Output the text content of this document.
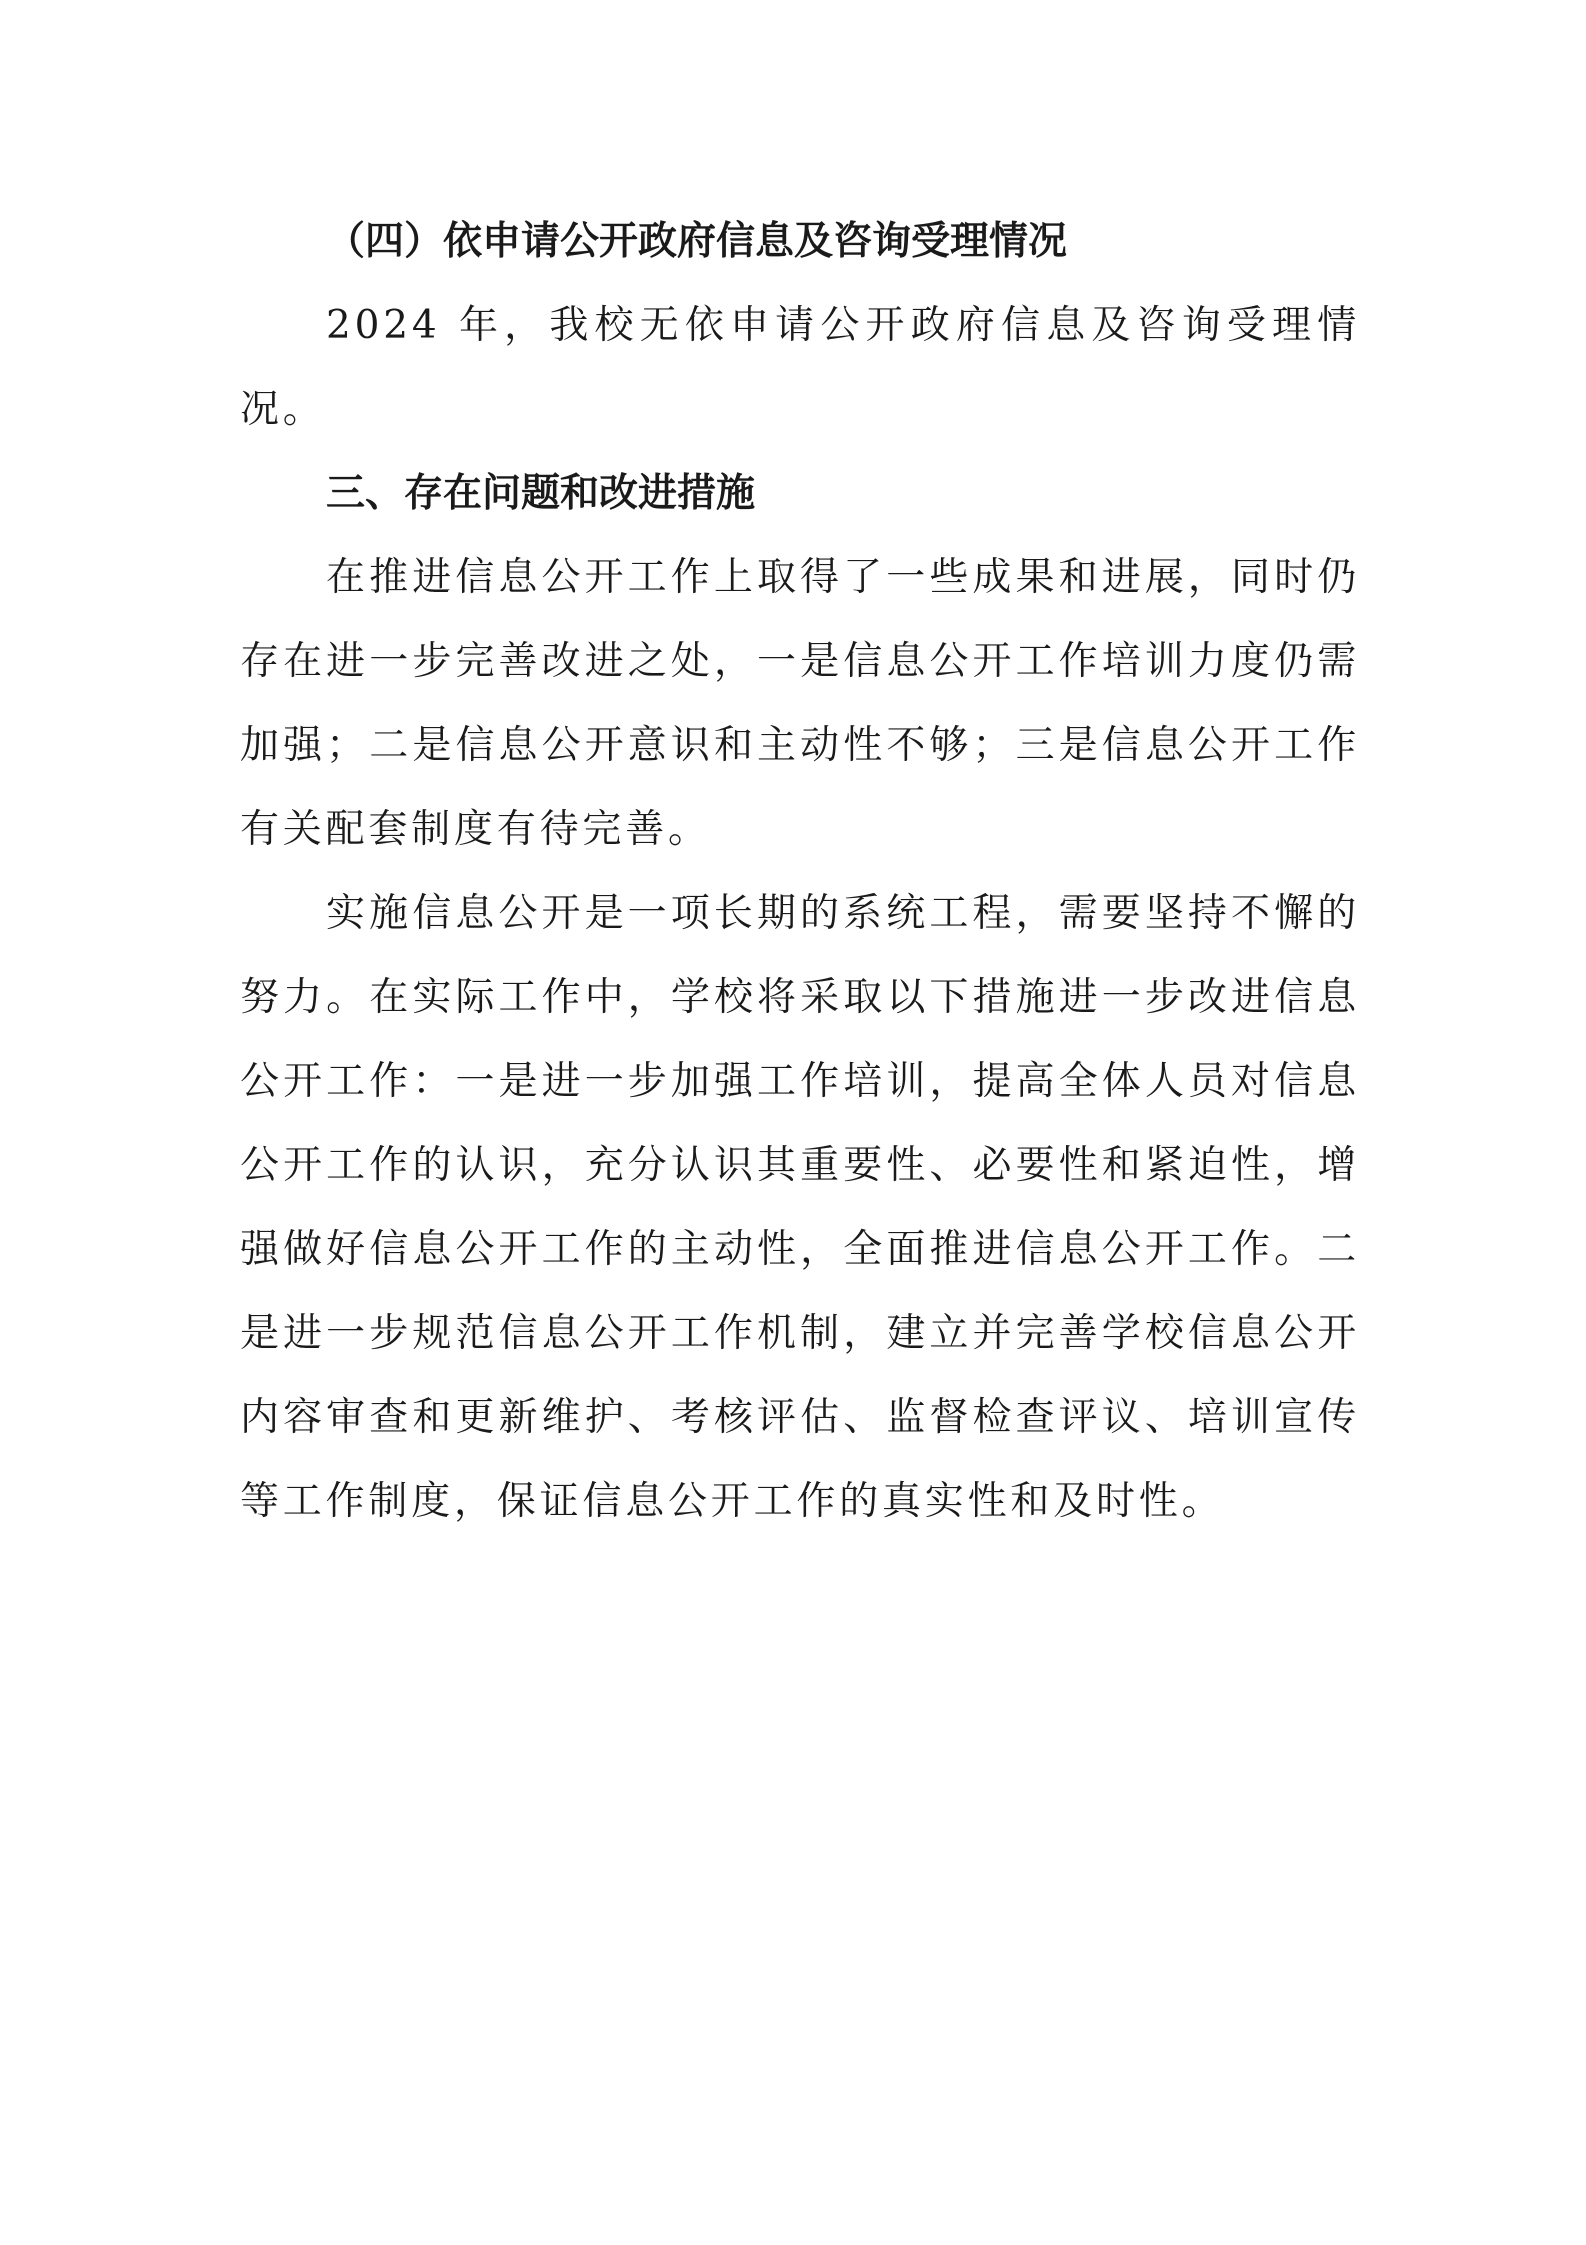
（四）依申请公开政府信息及咨询受理情况

2024 年，我校无依申请公开政府信息及咨询受理情况。

三、存在问题和改进措施

在推进信息公开工作上取得了一些成果和进展，同时仍存在进一步完善改进之处，一是信息公开工作培训力度仍需加强；二是信息公开意识和主动性不够；三是信息公开工作有关配套制度有待完善。

实施信息公开是一项长期的系统工程，需要坚持不懈的努力。在实际工作中，学校将采取以下措施进一步改进信息公开工作：一是进一步加强工作培训，提高全体人员对信息公开工作的认识，充分认识其重要性、必要性和紧迫性，增强做好信息公开工作的主动性，全面推进信息公开工作。二是进一步规范信息公开工作机制，建立并完善学校信息公开内容审查和更新维护、考核评估、监督检查评议、培训宣传等工作制度，保证信息公开工作的真实性和及时性。
